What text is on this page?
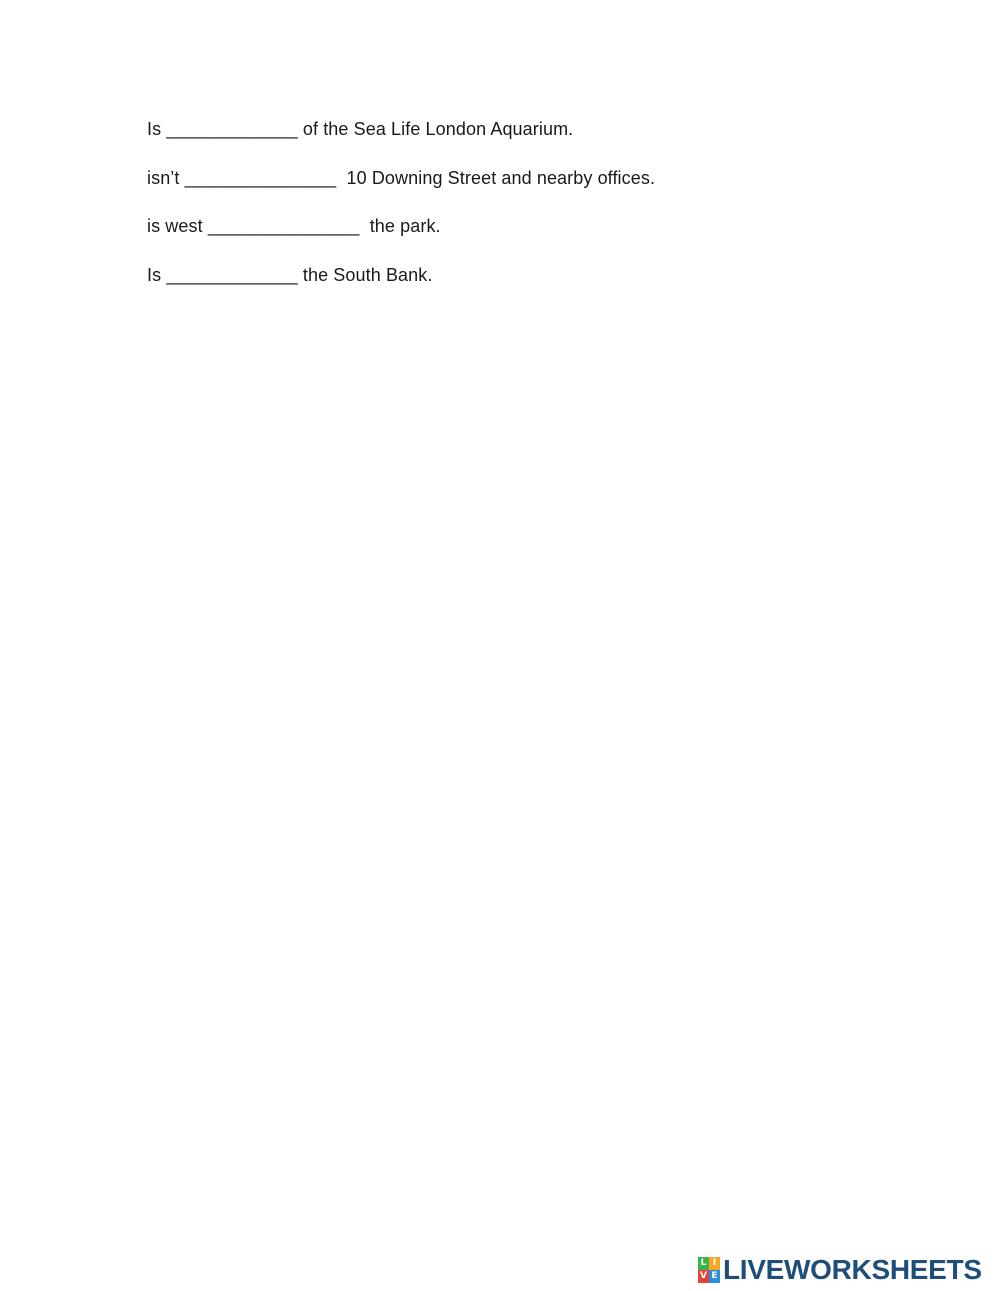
Is _____________ of the Sea Life London Aquarium.
isn’t _______________  10 Downing Street and nearby offices.
is west _______________  the park.
Is _____________ the South Bank.
L I
V E LIVEWORKSHEETS
